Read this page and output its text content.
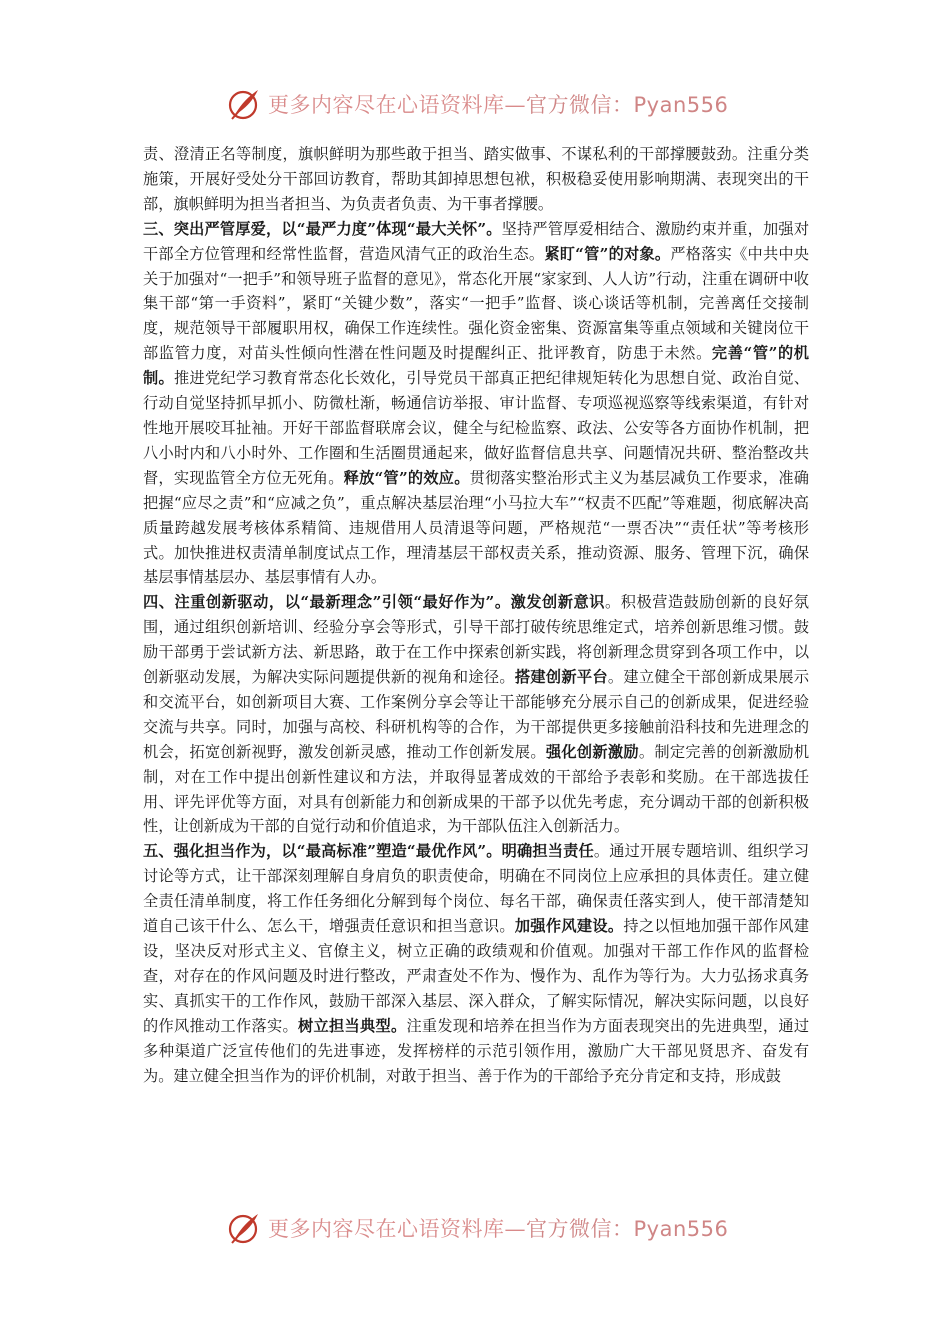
更多内容尽在心语资料库—官方微信：Pyan556

责、澄清正名等制度，旗帜鲜明为那些敢于担当、踏实做事、不谋私利的干部撑腰鼓劲。注重分类施策，开展好受处分干部回访教育，帮助其卸掉思想包袱，积极稳妥使用影响期满、表现突出的干部，旗帜鲜明为担当者担当、为负责者负责、为干事者撑腰。

三、突出严管厚爱，以“最严力度”体现“最大关怀”。坚持严管厚爱相结合、激励约束并重，加强对干部全方位管理和经常性监督，营造风清气正的政治生态。紧盯“管”的对象。严格落实《中共中央关于加强对“一把手”和领导班子监督的意见》，常态化开展“家家到、人人访”行动，注重在调研中收集干部“第一手资料”，紧盯“关键少数”，落实“一把手”监督、谈心谈话等机制，完善离任交接制度，规范领导干部履职用权，确保工作连续性。强化资金密集、资源富集等重点领域和关键岗位干部监管力度，对苗头性倾向性潜在性问题及时提醒纠正、批评教育，防患于未然。完善“管”的机制。推进党纪学习教育常态化长效化，引导党员干部真正把纪律规矩转化为思想自觉、政治自觉、行动自觉坚持抓早抓小、防微杜渐，畅通信访举报、审计监督、专项巡视巡察等线索渠道，有针对性地开展咬耳扯袖。开好干部监督联席会议，健全与纪检监察、政法、公安等各方面协作机制，把八小时内和八小时外、工作圈和生活圈贯通起来，做好监督信息共享、问题情况共研、整治整改共督，实现监管全方位无死角。释放“管”的效应。贯彻落实整治形式主义为基层减负工作要求，准确把握“应尽之责”和“应减之负”，重点解决基层治理“小马拉大车”“权责不匹配”等难题，彻底解决高质量跨越发展考核体系精简、违规借用人员清退等问题，严格规范“一票否决”“责任状”等考核形式。加快推进权责清单制度试点工作，理清基层干部权责关系，推动资源、服务、管理下沉，确保基层事情基层办、基层事情有人办。

四、注重创新驱动，以“最新理念”引领“最好作为”。激发创新意识。积极营造鼓励创新的良好氛围，通过组织创新培训、经验分享会等形式，引导干部打破传统思维定式，培养创新思维习惯。鼓励干部勇于尝试新方法、新思路，敢于在工作中探索创新实践，将创新理念贯穿到各项工作中，以创新驱动发展，为解决实际问题提供新的视角和途径。搭建创新平台。建立健全干部创新成果展示和交流平台，如创新项目大赛、工作案例分享会等让干部能够充分展示自己的创新成果，促进经验交流与共享。同时，加强与高校、科研机构等的合作，为干部提供更多接触前沿科技和先进理念的机会，拓宽创新视野，激发创新灵感，推动工作创新发展。强化创新激励。制定完善的创新激励机制，对在工作中提出创新性建议和方法，并取得显著成效的干部给予表彰和奖励。在干部选拔任用、评先评优等方面，对具有创新能力和创新成果的干部予以优先考虑，充分调动干部的创新积极性，让创新成为干部的自觉行动和价值追求，为干部队伍注入创新活力。

五、强化担当作为，以“最高标准”塑造“最优作风”。明确担当责任。通过开展专题培训、组织学习讨论等方式，让干部深刻理解自身肩负的职责使命，明确在不同岗位上应承担的具体责任。建立健全责任清单制度，将工作任务细化分解到每个岗位、每名干部，确保责任落实到人，使干部清楚知道自己该干什么、怎么干，增强责任意识和担当意识。加强作风建设。持之以恒地加强干部作风建设，坚决反对形式主义、官僚主义，树立正确的政绩观和价值观。加强对干部工作作风的监督检查，对存在的作风问题及时进行整改，严肃查处不作为、慢作为、乱作为等行为。大力弘扬求真务实、真抓实干的工作作风，鼓励干部深入基层、深入群众，了解实际情况，解决实际问题，以良好的作风推动工作落实。树立担当典型。注重发现和培养在担当作为方面表现突出的先进典型，通过多种渠道广泛宣传他们的先进事迹，发挥榜样的示范引领作用，激励广大干部见贤思齐、奋发有为。建立健全担当作为的评价机制，对敢于担当、善于作为的干部给予充分肯定和支持，形成鼓

更多内容尽在心语资料库—官方微信：Pyan556
